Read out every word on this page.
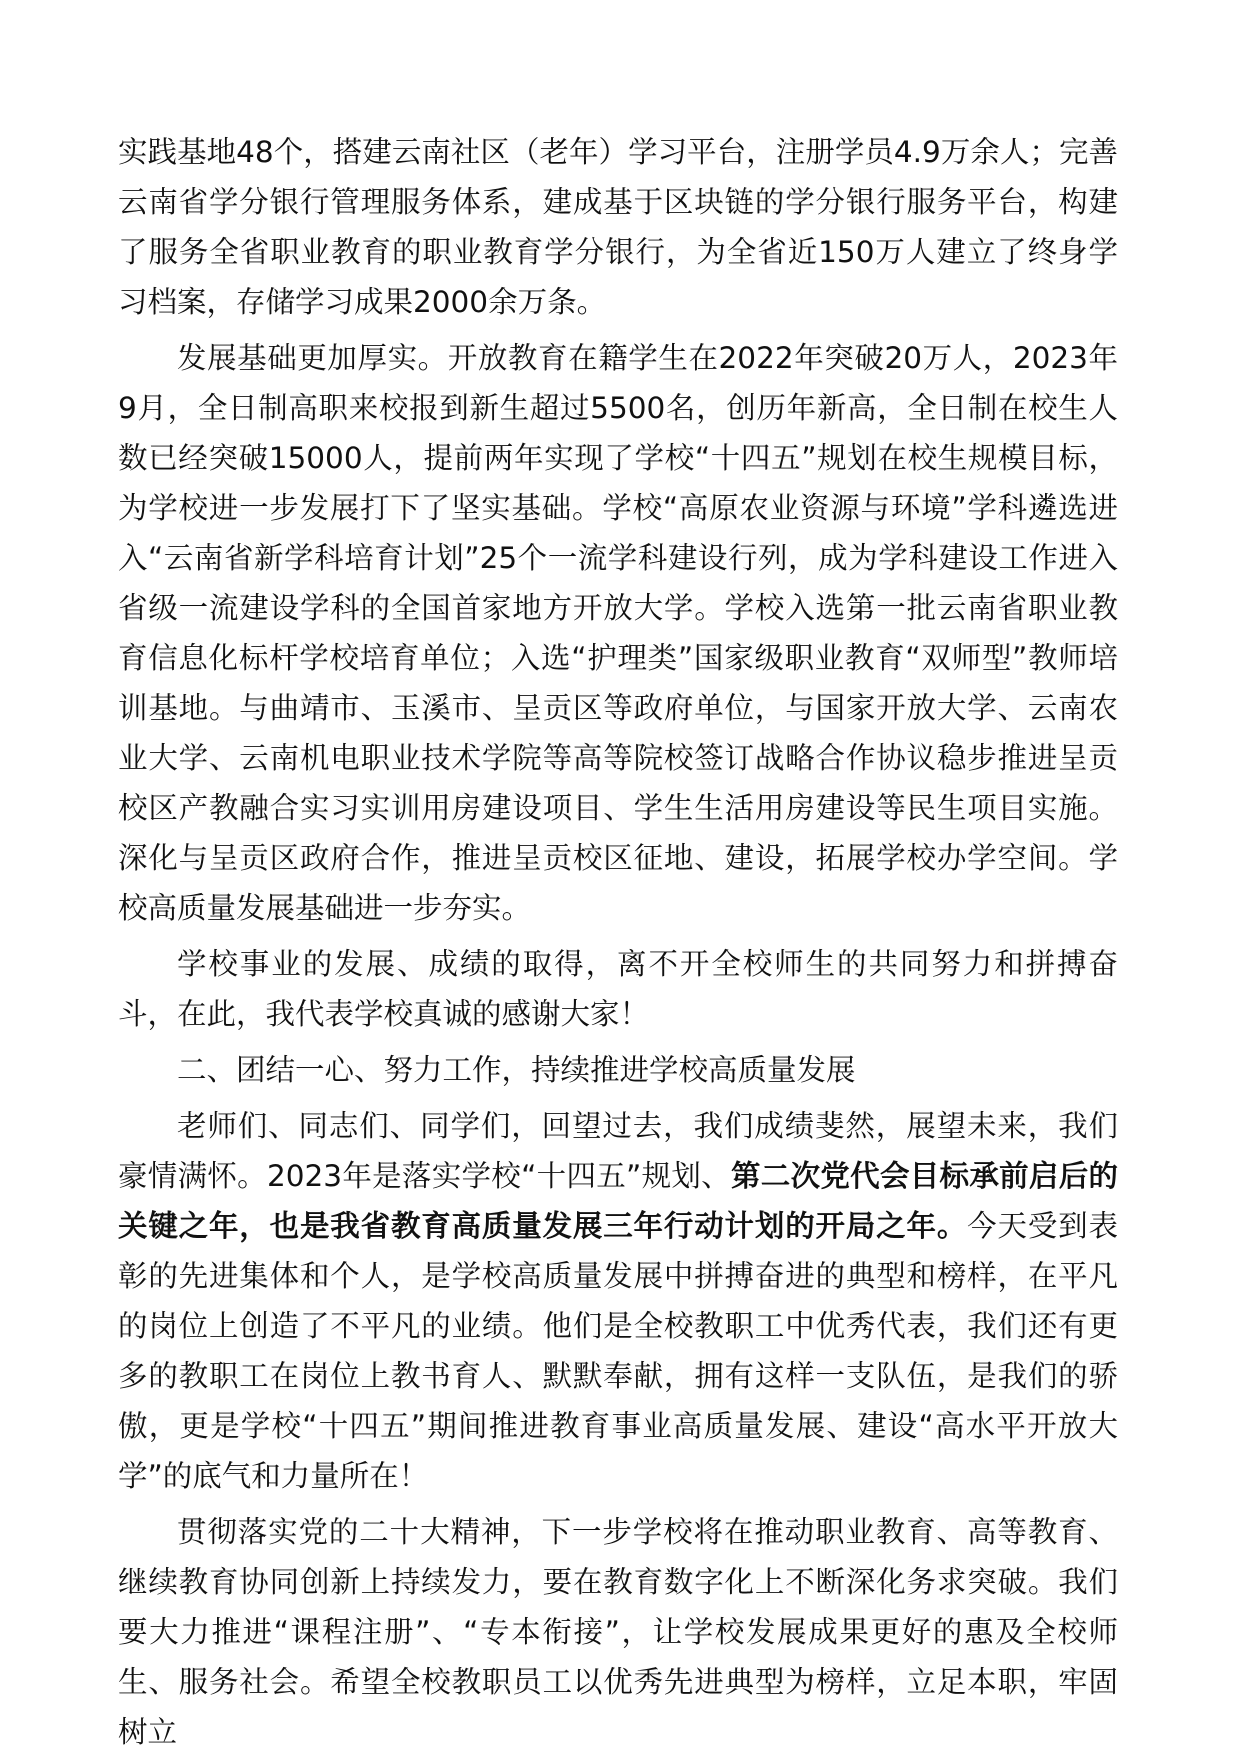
实践基地48个，搭建云南社区（老年）学习平台，注册学员4.9万余人；完善云南省学分银行管理服务体系，建成基于区块链的学分银行服务平台，构建了服务全省职业教育的职业教育学分银行，为全省近150万人建立了终身学习档案，存储学习成果2000余万条。

发展基础更加厚实。开放教育在籍学生在2022年突破20万人，2023年9月，全日制高职来校报到新生超过5500名，创历年新高，全日制在校生人数已经突破15000人，提前两年实现了学校“十四五”规划在校生规模目标，为学校进一步发展打下了坚实基础。学校“高原农业资源与环境”学科遴选进入“云南省新学科培育计划”25个一流学科建设行列，成为学科建设工作进入省级一流建设学科的全国首家地方开放大学。学校入选第一批云南省职业教育信息化标杆学校培育单位；入选“护理类”国家级职业教育“双师型”教师培训基地。与曲靖市、玉溪市、呈贡区等政府单位，与国家开放大学、云南农业大学、云南机电职业技术学院等高等院校签订战略合作协议稳步推进呈贡校区产教融合实习实训用房建设项目、学生生活用房建设等民生项目实施。深化与呈贡区政府合作，推进呈贡校区征地、建设，拓展学校办学空间。学校高质量发展基础进一步夯实。

学校事业的发展、成绩的取得，离不开全校师生的共同努力和拼搏奋斗，在此，我代表学校真诚的感谢大家！

二、团结一心、努力工作，持续推进学校高质量发展

老师们、同志们、同学们，回望过去，我们成绩斐然，展望未来，我们豪情满怀。2023年是落实学校“十四五”规划、第二次党代会目标承前启后的关键之年，也是我省教育高质量发展三年行动计划的开局之年。今天受到表彰的先进集体和个人，是学校高质量发展中拼搏奋进的典型和榜样，在平凡的岗位上创造了不平凡的业绩。他们是全校教职工中优秀代表，我们还有更多的教职工在岗位上教书育人、默默奉献，拥有这样一支队伍，是我们的骄傲，更是学校“十四五”期间推进教育事业高质量发展、建设“高水平开放大学”的底气和力量所在！

贯彻落实党的二十大精神，下一步学校将在推动职业教育、高等教育、继续教育协同创新上持续发力，要在教育数字化上不断深化务求突破。我们要大力推进“课程注册”、“专本衔接”，让学校发展成果更好的惠及全校师生、服务社会。希望全校教职员工以优秀先进典型为榜样，立足本职，牢固树立
